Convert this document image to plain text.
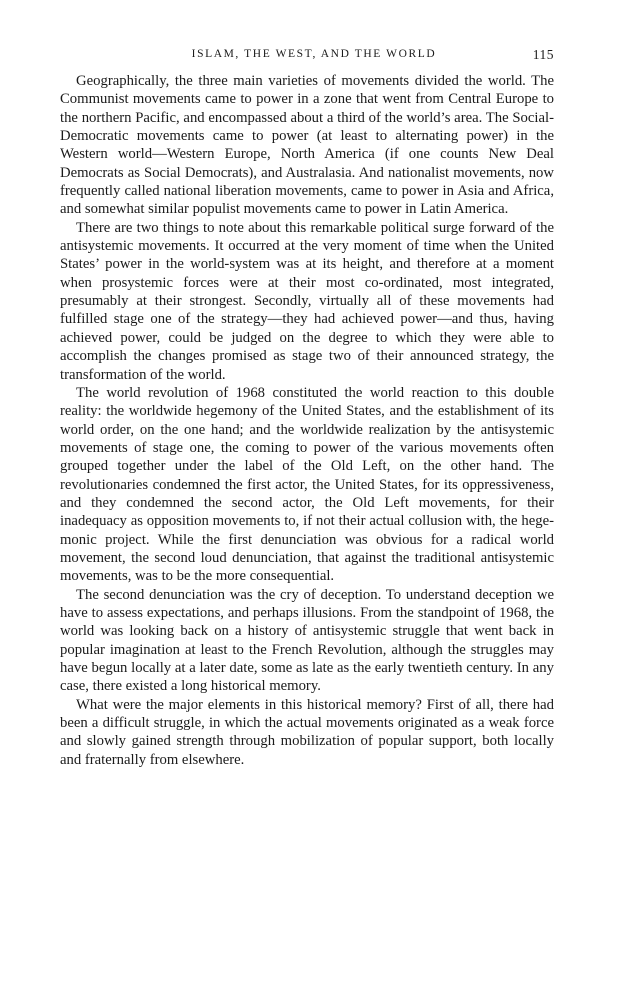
ISLAM, THE WEST, AND THE WORLD	115

Geographically, the three main varieties of movements divided the world. The Communist movements came to power in a zone that went from Central Europe to the northern Pacific, and encompassed about a third of the world’s area. The Social-Democratic movements came to power (at least to alternating power) in the Western world—Western Europe, North America (if one counts New Deal Democrats as Social Democrats), and Australasia. And nationalist movements, now frequently called national liberation movements, came to power in Asia and Africa, and somewhat similar populist movements came to power in Latin America.

There are two things to note about this remarkable political surge forward of the antisystemic movements. It occurred at the very moment of time when the United States’ power in the world-system was at its height, and therefore at a moment when prosystemic forces were at their most co-ordinated, most integrated, presumably at their strongest. Secondly, virtually all of these movements had fulfilled stage one of the strategy—they had achieved power—and thus, having achieved power, could be judged on the degree to which they were able to accomplish the changes promised as stage two of their announced strategy, the transformation of the world.

The world revolution of 1968 constituted the world reaction to this double reality: the worldwide hegemony of the United States, and the establishment of its world order, on the one hand; and the worldwide realization by the antisystemic movements of stage one, the coming to power of the various movements often grouped together under the label of the Old Left, on the other hand. The revolutionaries condemned the first actor, the United States, for its oppressiveness, and they condemned the second actor, the Old Left movements, for their inadequacy as opposition movements to, if not their actual collusion with, the hegemonic project. While the first denunciation was obvious for a radical world movement, the second loud denunciation, that against the traditional antisystemic movements, was to be the more consequential.

The second denunciation was the cry of deception. To understand deception we have to assess expectations, and perhaps illusions. From the standpoint of 1968, the world was looking back on a history of antisystemic struggle that went back in popular imagination at least to the French Revolution, although the struggles may have begun locally at a later date, some as late as the early twentieth century. In any case, there existed a long historical memory.

What were the major elements in this historical memory? First of all, there had been a difficult struggle, in which the actual movements originated as a weak force and slowly gained strength through mobilization of popular support, both locally and fraternally from elsewhere.
